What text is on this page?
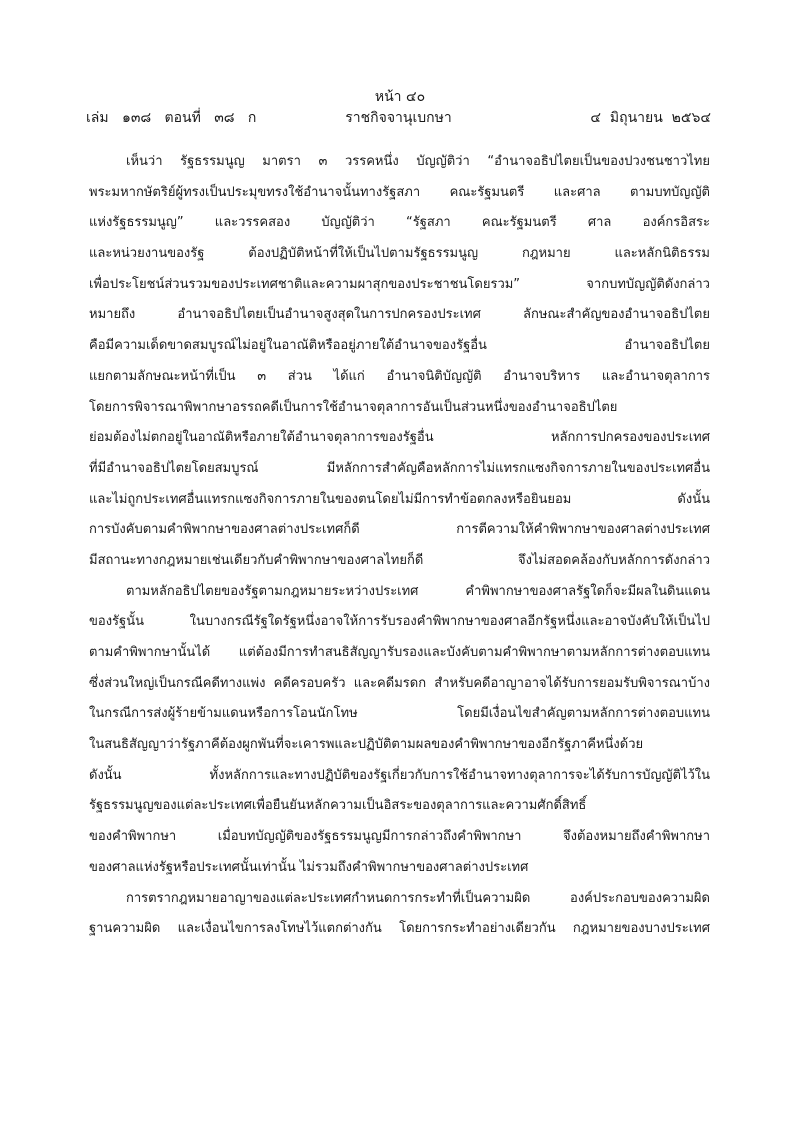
หน้า ๔๐
เล่ม   ๑๓๘   ตอนที่   ๓๘   ก	ราชกิจจานุเบกษา	๔  มิถุนายน  ๒๕๖๔
เห็นว่า รัฐธรรมนูญ มาตรา ๓ วรรคหนึ่ง บัญญัติว่า “อำนาจอธิปไตยเป็นของปวงชนชาวไทย
พระมหากษัตริย์ผู้ทรงเป็นประมุขทรงใช้อำนาจนั้นทางรัฐสภา คณะรัฐมนตรี และศาล ตามบทบัญญัติ
แห่งรัฐธรรมนูญ” และวรรคสอง บัญญัติว่า “รัฐสภา คณะรัฐมนตรี ศาล องค์กรอิสระ
และหน่วยงานของรัฐ ต้องปฏิบัติหน้าที่ให้เป็นไปตามรัฐธรรมนูญ กฎหมาย และหลักนิติธรรม
เพื่อประโยชน์ส่วนรวมของประเทศชาติและความผาสุกของประชาชนโดยรวม” จากบทบัญญัติดังกล่าว
หมายถึง อำนาจอธิปไตยเป็นอำนาจสูงสุดในการปกครองประเทศ ลักษณะสำคัญของอำนาจอธิปไตย
คือมีความเด็ดขาดสมบูรณ์ไม่อยู่ในอาณัติหรืออยู่ภายใต้อำนาจของรัฐอื่น อำนาจอธิปไตย
แยกตามลักษณะหน้าที่เป็น ๓ ส่วน ได้แก่ อำนาจนิติบัญญัติ อำนาจบริหาร และอำนาจตุลาการ
โดยการพิจารณาพิพากษาอรรถคดีเป็นการใช้อำนาจตุลาการอันเป็นส่วนหนึ่งของอำนาจอธิปไตย
ย่อมต้องไม่ตกอยู่ในอาณัติหรือภายใต้อำนาจตุลาการของรัฐอื่น หลักการปกครองของประเทศ
ที่มีอำนาจอธิปไตยโดยสมบูรณ์ มีหลักการสำคัญคือหลักการไม่แทรกแซงกิจการภายในของประเทศอื่น
และไม่ถูกประเทศอื่นแทรกแซงกิจการภายในของตนโดยไม่มีการทำข้อตกลงหรือยินยอม ดังนั้น
การบังคับตามคำพิพากษาของศาลต่างประเทศก็ดี การตีความให้คำพิพากษาของศาลต่างประเทศ
มีสถานะทางกฎหมายเช่นเดียวกับคำพิพากษาของศาลไทยก็ดี จึงไม่สอดคล้องกับหลักการดังกล่าว
ตามหลักอธิปไตยของรัฐตามกฎหมายระหว่างประเทศ คำพิพากษาของศาลรัฐใดก็จะมีผลในดินแดน
ของรัฐนั้น ในบางกรณีรัฐใดรัฐหนึ่งอาจให้การรับรองคำพิพากษาของศาลอีกรัฐหนึ่งและอาจบังคับให้เป็นไป
ตามคำพิพากษานั้นได้ แต่ต้องมีการทำสนธิสัญญารับรองและบังคับตามคำพิพากษาตามหลักการต่างตอบแทน
ซึ่งส่วนใหญ่เป็นกรณีคดีทางแพ่ง คดีครอบครัว และคดีมรดก สำหรับคดีอาญาอาจได้รับการยอมรับพิจารณาบ้าง
ในกรณีการส่งผู้ร้ายข้ามแดนหรือการโอนนักโทษ โดยมีเงื่อนไขสำคัญตามหลักการต่างตอบแทน
ในสนธิสัญญาว่ารัฐภาคีต้องผูกพันที่จะเคารพและปฏิบัติตามผลของคำพิพากษาของอีกรัฐภาคีหนึ่งด้วย
ดังนั้น ทั้งหลักการและทางปฏิบัติของรัฐเกี่ยวกับการใช้อำนาจทางตุลาการจะได้รับการบัญญัติไว้ใน
รัฐธรรมนูญของแต่ละประเทศเพื่อยืนยันหลักความเป็นอิสระของตุลาการและความศักดิ์สิทธิ์
ของคำพิพากษา เมื่อบทบัญญัติของรัฐธรรมนูญมีการกล่าวถึงคำพิพากษา จึงต้องหมายถึงคำพิพากษา
ของศาลแห่งรัฐหรือประเทศนั้นเท่านั้น ไม่รวมถึงคำพิพากษาของศาลต่างประเทศ
การตรากฎหมายอาญาของแต่ละประเทศกำหนดการกระทำที่เป็นความผิด องค์ประกอบของความผิด
ฐานความผิด และเงื่อนไขการลงโทษไว้แตกต่างกัน โดยการกระทำอย่างเดียวกัน กฎหมายของบางประเทศ
